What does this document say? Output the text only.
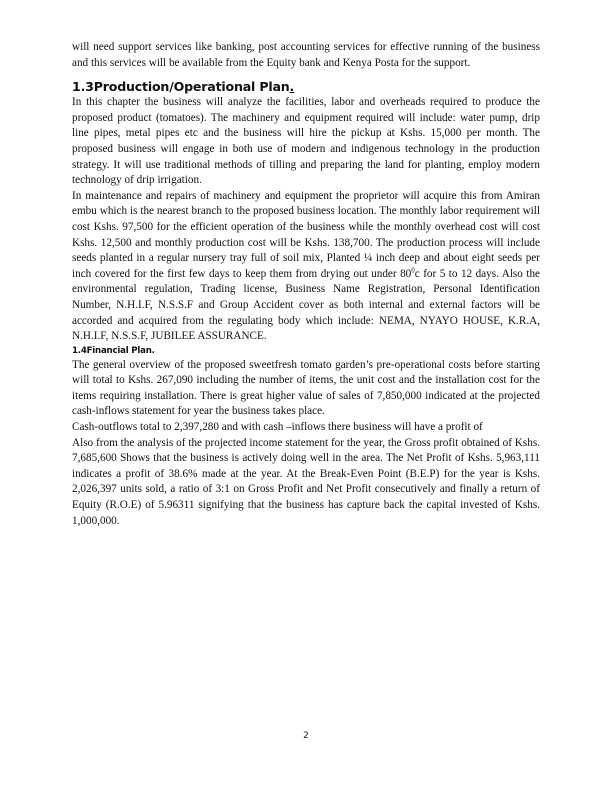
will need support services like banking, post accounting services for effective running of the business and this services will be available from the Equity bank and Kenya Posta for the support.

1.3Production/Operational Plan.

In this chapter the business will analyze the facilities, labor and overheads required to produce the proposed product (tomatoes). The machinery and equipment required will include: water pump, drip line pipes, metal pipes etc and the business will hire the pickup at Kshs. 15,000 per month. The proposed business will engage in both use of modern and indigenous technology in the production strategy. It will use traditional methods of tilling and preparing the land for planting, employ modern technology of drip irrigation.

In maintenance and repairs of machinery and equipment the proprietor will acquire this from Amiran embu which is the nearest branch to the proposed business location. The monthly labor requirement will cost Kshs. 97,500 for the efficient operation of the business while the monthly overhead cost will cost Kshs. 12,500 and monthly production cost will be Kshs. 138,700. The production process will include seeds planted in a regular nursery tray full of soil mix, Planted ¼ inch deep and about eight seeds per inch covered for the first few days to keep them from drying out under $80^0c$ for 5 to 12 days. Also the environmental regulation, Trading license, Business Name Registration, Personal Identification Number, N.H.I.F, N.S.S.F and Group Accident cover as both internal and external factors will be accorded and acquired from the regulating body which include: NEMA, NYAYO HOUSE, K.R.A, N.H.I.F, N.S.S.F, JUBILEE ASSURANCE.

1.4Financial Plan.

The general overview of the proposed sweetfresh tomato garden’s pre-operational costs before starting will total to Kshs. 267,090 including the number of items, the unit cost and the installation cost for the items requiring installation. There is great higher value of sales of 7,850,000 indicated at the projected cash-inflows statement for year the business takes place.

Cash-outflows total to 2,397,280 and with cash –inflows there business will have a profit of

Also from the analysis of the projected income statement for the year, the Gross profit obtained of Kshs. 7,685,600 Shows that the business is actively doing well in the area. The Net Profit of Kshs. 5,963,111 indicates a profit of 38.6% made at the year. At the Break-Even Point (B.E.P) for the year is Kshs. 2,026,397 units sold, a ratio of 3:1 on Gross Profit and Net Profit consecutively and finally a return of Equity (R.O.E) of 5.96311 signifying that the business has capture back the capital invested of Kshs. 1,000,000.

2
